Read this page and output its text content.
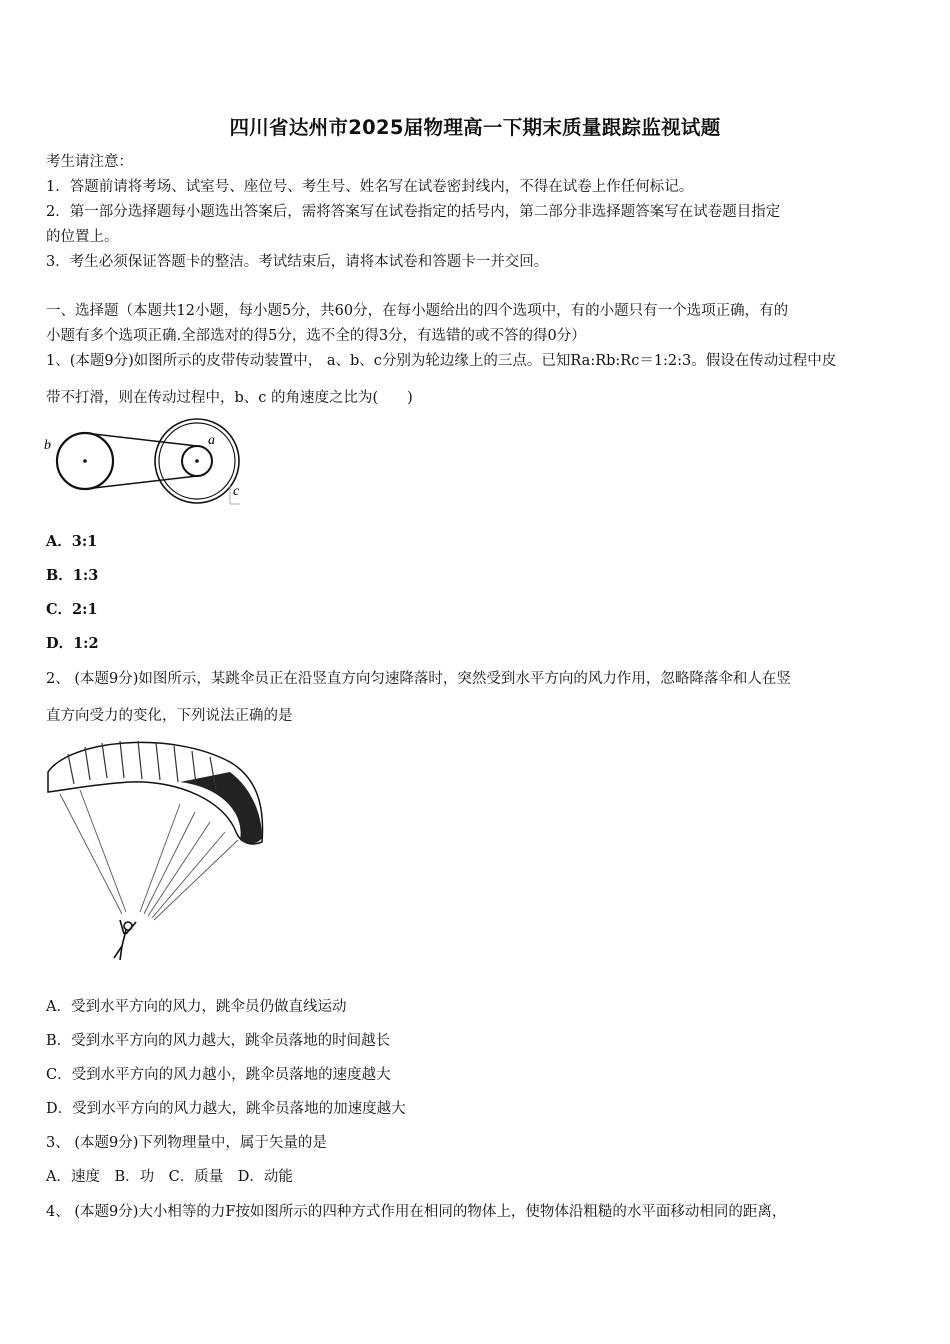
四川省达州市2025届物理高一下期末质量跟踪监视试题
考生请注意：
1．答题前请将考场、试室号、座位号、考生号、姓名写在试卷密封线内，不得在试卷上作任何标记。
2．第一部分选择题每小题选出答案后，需将答案写在试卷指定的括号内，第二部分非选择题答案写在试卷题目指定
的位置上。
3．考生必须保证答题卡的整洁。考试结束后，请将本试卷和答题卡一并交回。
一、选择题（本题共12小题，每小题5分，共60分，在每小题给出的四个选项中，有的小题只有一个选项正确，有的
小题有多个选项正确.全部选对的得5分，选不全的得3分，有选错的或不答的得0分）
1、(本题9分)如图所示的皮带传动装置中， a、b、c分别为轮边缘上的三点。已知Ra:Rb:Rc＝1:2:3。假设在传动过程中皮
带不打滑，则在传动过程中，b、c 的角速度之比为(　　)
b	a
c
A．3:1
B．1:3
C．2:1
D．1:2
2、 (本题9分)如图所示，某跳伞员正在沿竖直方向匀速降落时，突然受到水平方向的风力作用，忽略降落伞和人在竖
直方向受力的变化，下列说法正确的是
A．受到水平方向的风力，跳伞员仍做直线运动
B．受到水平方向的风力越大，跳伞员落地的时间越长
C．受到水平方向的风力越小，跳伞员落地的速度越大
D．受到水平方向的风力越大，跳伞员落地的加速度越大
3、 (本题9分)下列物理量中，属于矢量的是
A．速度　B．功　C．质量　D．动能
4、 (本题9分)大小相等的力F按如图所示的四种方式作用在相同的物体上，使物体沿粗糙的水平面移动相同的距离，
